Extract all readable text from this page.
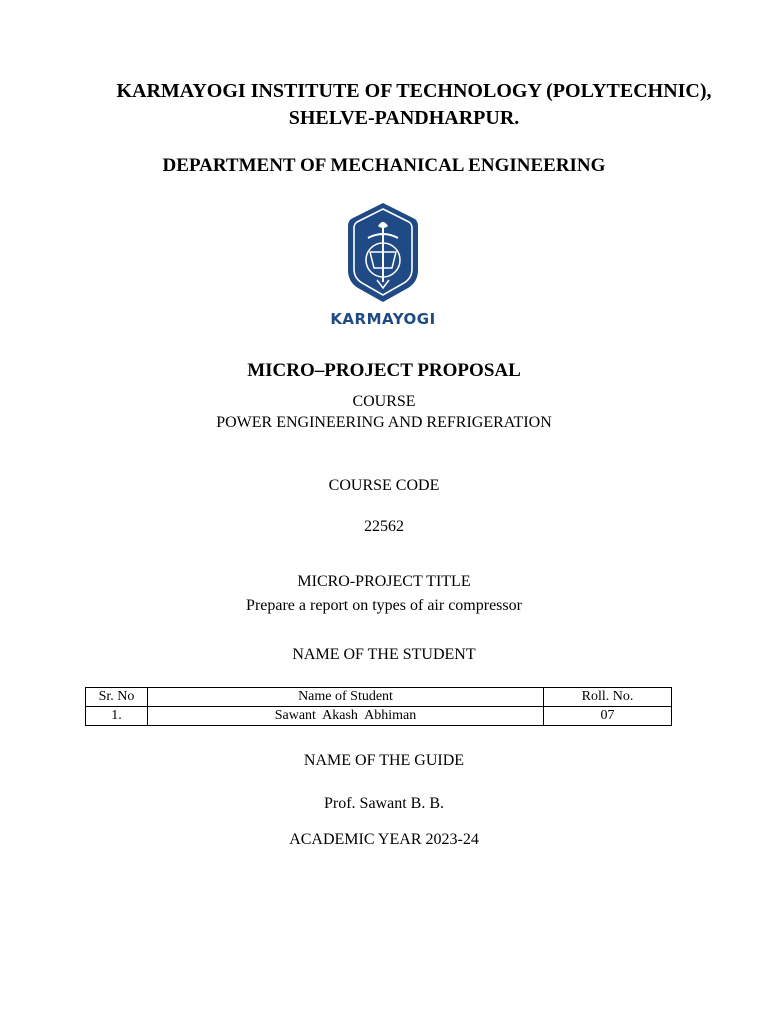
KARMAYOGI INSTITUTE OF TECHNOLOGY (POLYTECHNIC),
SHELVE-PANDHARPUR.
DEPARTMENT OF MECHANICAL ENGINEERING
KARMAYOGI
MICRO–PROJECT PROPOSAL
COURSE
POWER ENGINEERING AND REFRIGERATION
COURSE CODE
22562
MICRO-PROJECT TITLE
Prepare a report on types of air compressor
NAME OF THE STUDENT
Sr. No	Name of Student	Roll. No.
1.	Sawant  Akash  Abhiman	07
NAME OF THE GUIDE
Prof. Sawant B. B.
ACADEMIC YEAR 2023-24
